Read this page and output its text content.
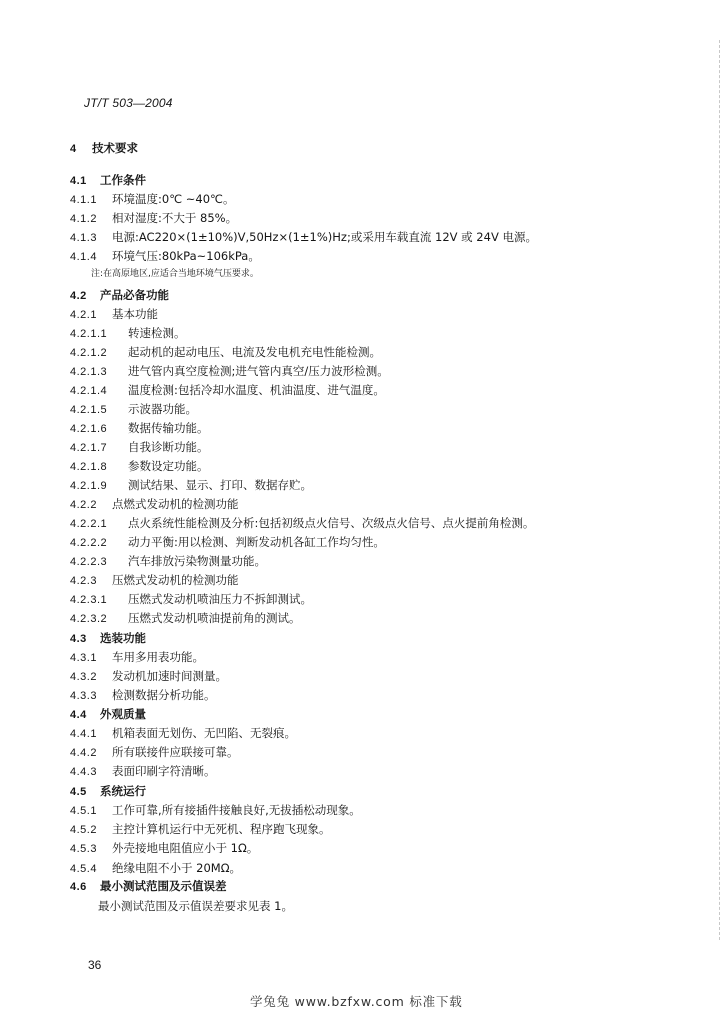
JT/T 503—2004
4 技术要求
4.1 工作条件
4.1.1 环境温度:0℃ ~40℃。
4.1.2 相对湿度:不大于 85%。
4.1.3 电源:AC220×(1±10%)V,50Hz×(1±1%)Hz;或采用车载直流 12V 或 24V 电源。
4.1.4 环境气压:80kPa~106kPa。
4.2 产品必备功能
4.2.1 基本功能
4.2.1.1 转速检测。
4.2.1.2 起动机的起动电压、电流及发电机充电性能检测。
4.2.1.3 进气管内真空度检测;进气管内真空/压力波形检测。
4.2.1.4 温度检测:包括冷却水温度、机油温度、进气温度。
4.2.1.5 示波器功能。
4.2.1.6 数据传输功能。
4.2.1.7 自我诊断功能。
4.2.1.8 参数设定功能。
4.2.1.9 测试结果、显示、打印、数据存贮。
4.2.2 点燃式发动机的检测功能
4.2.2.1 点火系统性能检测及分析:包括初级点火信号、次级点火信号、点火提前角检测。
4.2.2.2 动力平衡:用以检测、判断发动机各缸工作均匀性。
4.2.2.3 汽车排放污染物测量功能。
4.2.3 压燃式发动机的检测功能
4.2.3.1 压燃式发动机喷油压力不拆卸测试。
4.2.3.2 压燃式发动机喷油提前角的测试。
4.3 选装功能
4.3.1 车用多用表功能。
4.3.2 发动机加速时间测量。
4.3.3 检测数据分析功能。
4.4 外观质量
4.4.1 机箱表面无划伤、无凹陷、无裂痕。
4.4.2 所有联接件应联接可靠。
4.4.3 表面印刷字符清晰。
4.5 系统运行
4.5.1 工作可靠,所有接插件接触良好,无拔插松动现象。
4.5.2 主控计算机运行中无死机、程序跑飞现象。
4.5.3 外壳接地电阻值应小于 1Ω。
4.5.4 绝缘电阻不小于 20MΩ。
4.6 最小测试范围及示值误差
注:在高原地区,应适合当地环境气压要求。
最小测试范围及示值误差要求见表 1。
36
学兔兔 www.bzfxw.com 标准下载
